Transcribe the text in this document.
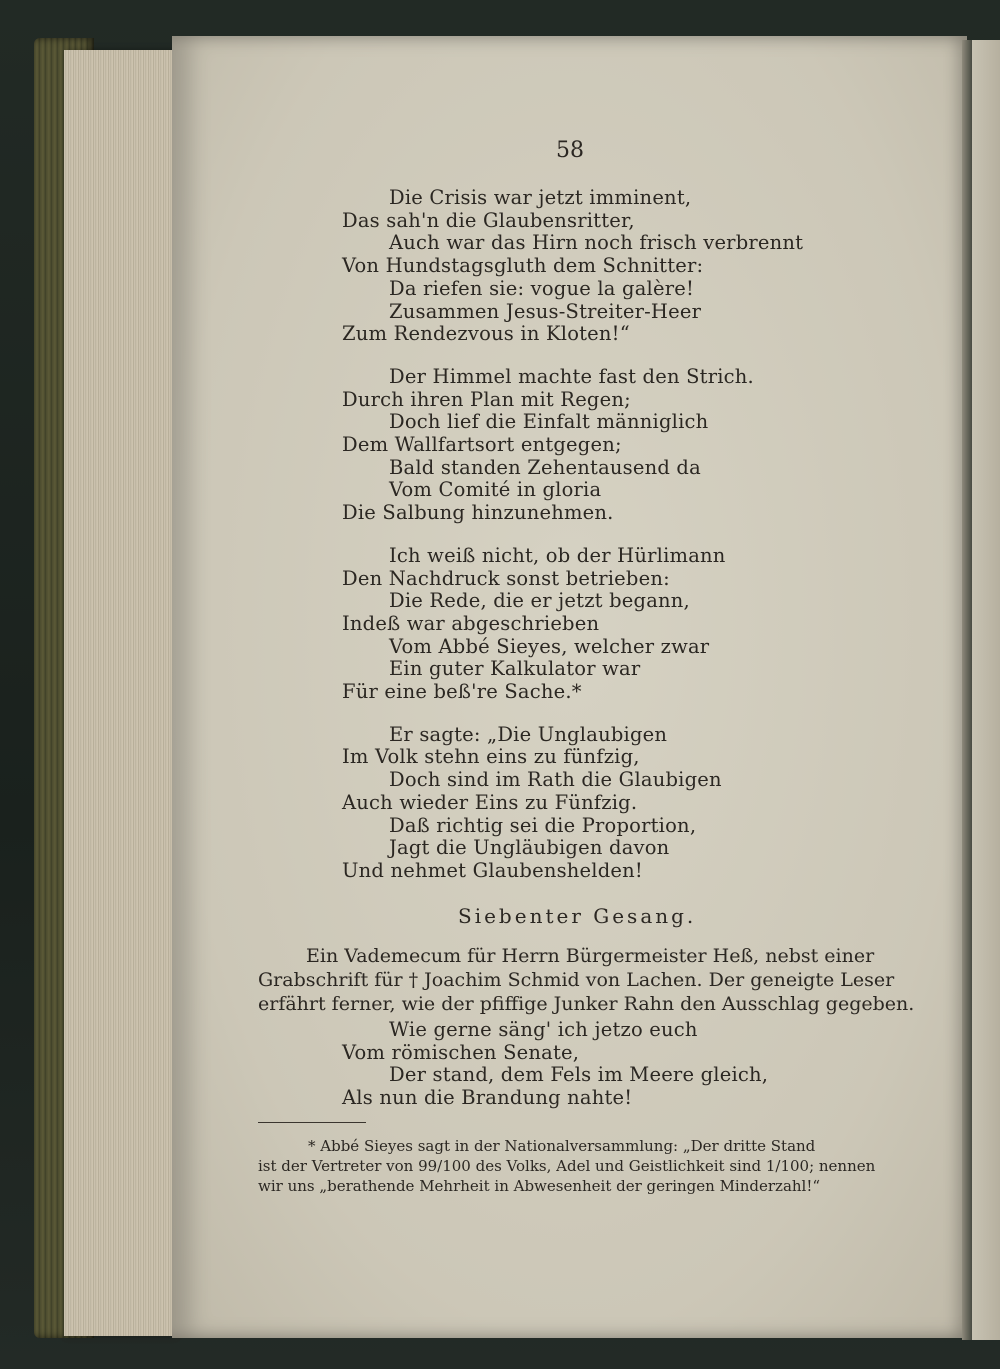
58
Die Crisis war jetzt imminent,
Das sah'n die Glaubensritter,
Auch war das Hirn noch frisch verbrennt
Von Hundstagsgluth dem Schnitter:
Da riefen sie: vogue la galère!
Zusammen Jesus-Streiter-Heer
Zum Rendezvous in Kloten!“
Der Himmel machte fast den Strich.
Durch ihren Plan mit Regen;
Doch lief die Einfalt männiglich
Dem Wallfartsort entgegen;
Bald standen Zehentausend da
Vom Comité in gloria
Die Salbung hinzunehmen.
Ich weiß nicht, ob der Hürlimann
Den Nachdruck sonst betrieben:
Die Rede, die er jetzt begann,
Indeß war abgeschrieben
Vom Abbé Sieyes, welcher zwar
Ein guter Kalkulator war
Für eine beß're Sache.*
Er sagte: „Die Unglaubigen
Im Volk stehn eins zu fünfzig,
Doch sind im Rath die Glaubigen
Auch wieder Eins zu Fünfzig.
Daß richtig sei die Proportion,
Jagt die Ungläubigen davon
Und nehmet Glaubenshelden!
Siebenter Gesang.
Ein Vademecum für Herrn Bürgermeister Heß, nebst einer
Grabschrift für † Joachim Schmid von Lachen. Der geneigte Leser
erfährt ferner, wie der pfiffige Junker Rahn den Ausschlag gegeben.
Wie gerne säng' ich jetzo euch
Vom römischen Senate,
Der stand, dem Fels im Meere gleich,
Als nun die Brandung nahte!
* Abbé Sieyes sagt in der Nationalversammlung: „Der dritte Stand
ist der Vertreter von 99/100 des Volks, Adel und Geistlichkeit sind 1/100; nennen
wir uns „berathende Mehrheit in Abwesenheit der geringen Minderzahl!“
